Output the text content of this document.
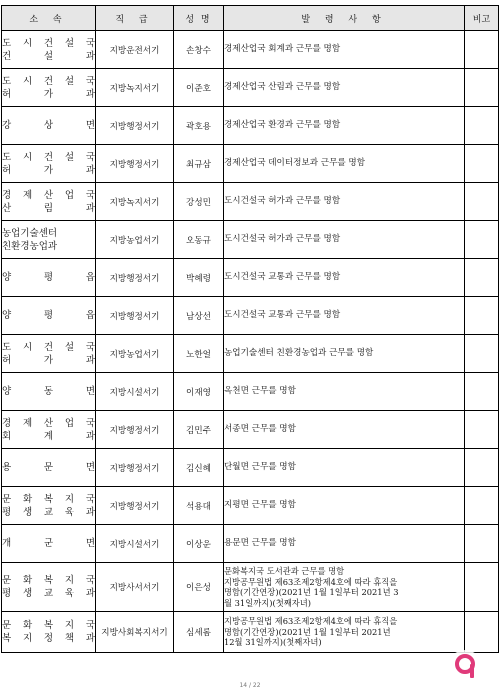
소 속	직 급	성 명	발 령 사 항	비고

도 시 건 설 국
건 설 과	지방운전서기	손창수	경제산업국 회계과 근무를 명함	

도 시 건 설 국
허 가 과	지방녹지서기	이준호	경제산업국 산림과 근무를 명함	

강 상 면	지방행정서기	곽호용	경제산업국 환경과 근무를 명함	

도 시 건 설 국
허 가 과	지방행정서기	최규삼	경제산업국 데이터정보과 근무를 명함	

경 제 산 업 국
산 림 과	지방녹지서기	강성민	도시건설국 허가과 근무를 명함	

농업기술센터
친환경농업과	지방농업서기	오동규	도시건설국 허가과 근무를 명함	

양 평 읍	지방행정서기	박혜령	도시건설국 교통과 근무를 명함	

양 평 읍	지방행정서기	남상선	도시건설국 교통과 근무를 명함	

도 시 건 설 국
허 가 과	지방농업서기	노한얼	농업기술센터 친환경농업과 근무를 명함	

양 동 면	지방시설서기	이재영	옥천면 근무를 명함	

경 제 산 업 국
회 계 과	지방행정서기	김민주	서종면 근무를 명함	

용 문 면	지방행정서기	김신혜	단월면 근무를 명함	

문 화 복 지 국
평 생 교 육 과	지방행정서기	석용대	지평면 근무를 명함	

개 군 면	지방시설서기	이상운	용문면 근무를 명함	

문 화 복 지 국
평 생 교 육 과	지방사서서기	이은성	문화복지국 도서관과 근무를 명함
지방공무원법 제63조제2항제4호에 따라 휴직을
명함(기간연장)(2021년 1월 1일부터 2021년 3
월 31일까지)(첫째자녀)	

문 화 복 지 국
복 지 정 책 과	지방사회복지서기	심세롬	지방공무원법 제63조제2항제4호에 따라 휴직을
명함(기간연장)(2021년 1월 1일부터 2021년
12월 31일까지)(첫째자녀)	

14 / 22
